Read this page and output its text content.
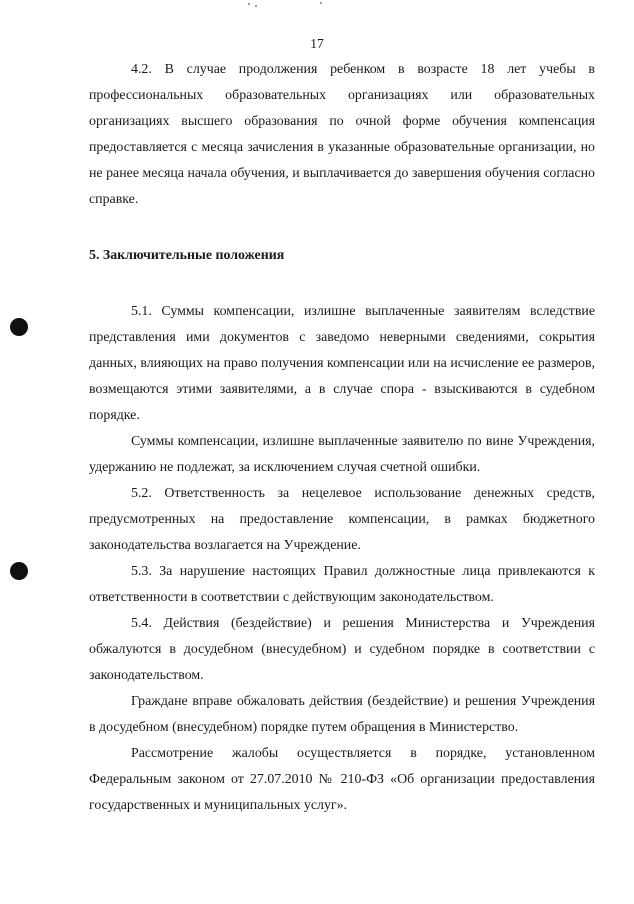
17

4.2. В случае продолжения ребенком в возрасте 18 лет учебы в профессиональных образовательных организациях или образовательных организациях высшего образования по очной форме обучения компенсация предоставляется с месяца зачисления в указанные образовательные организации, но не ранее месяца начала обучения, и выплачивается до завершения обучения согласно справке.

5. Заключительные положения

5.1. Суммы компенсации, излишне выплаченные заявителям вследствие представления ими документов с заведомо неверными сведениями, сокрытия данных, влияющих на право получения компенсации или на исчисление ее размеров, возмещаются этими заявителями, а в случае спора - взыскиваются в судебном порядке.

Суммы компенсации, излишне выплаченные заявителю по вине Учреждения, удержанию не подлежат, за исключением случая счетной ошибки.

5.2. Ответственность за нецелевое использование денежных средств, предусмотренных на предоставление компенсации, в рамках бюджетного законодательства возлагается на Учреждение.

5.3. За нарушение настоящих Правил должностные лица привлекаются к ответственности в соответствии с действующим законодательством.

5.4. Действия (бездействие) и решения Министерства и Учреждения обжалуются в досудебном (внесудебном) и судебном порядке в соответствии с законодательством.

Граждане вправе обжаловать действия (бездействие) и решения Учреждения в досудебном (внесудебном) порядке путем обращения в Министерство.

Рассмотрение жалобы осуществляется в порядке, установленном Федеральным законом от 27.07.2010 № 210-ФЗ «Об организации предоставления государственных и муниципальных услуг».
